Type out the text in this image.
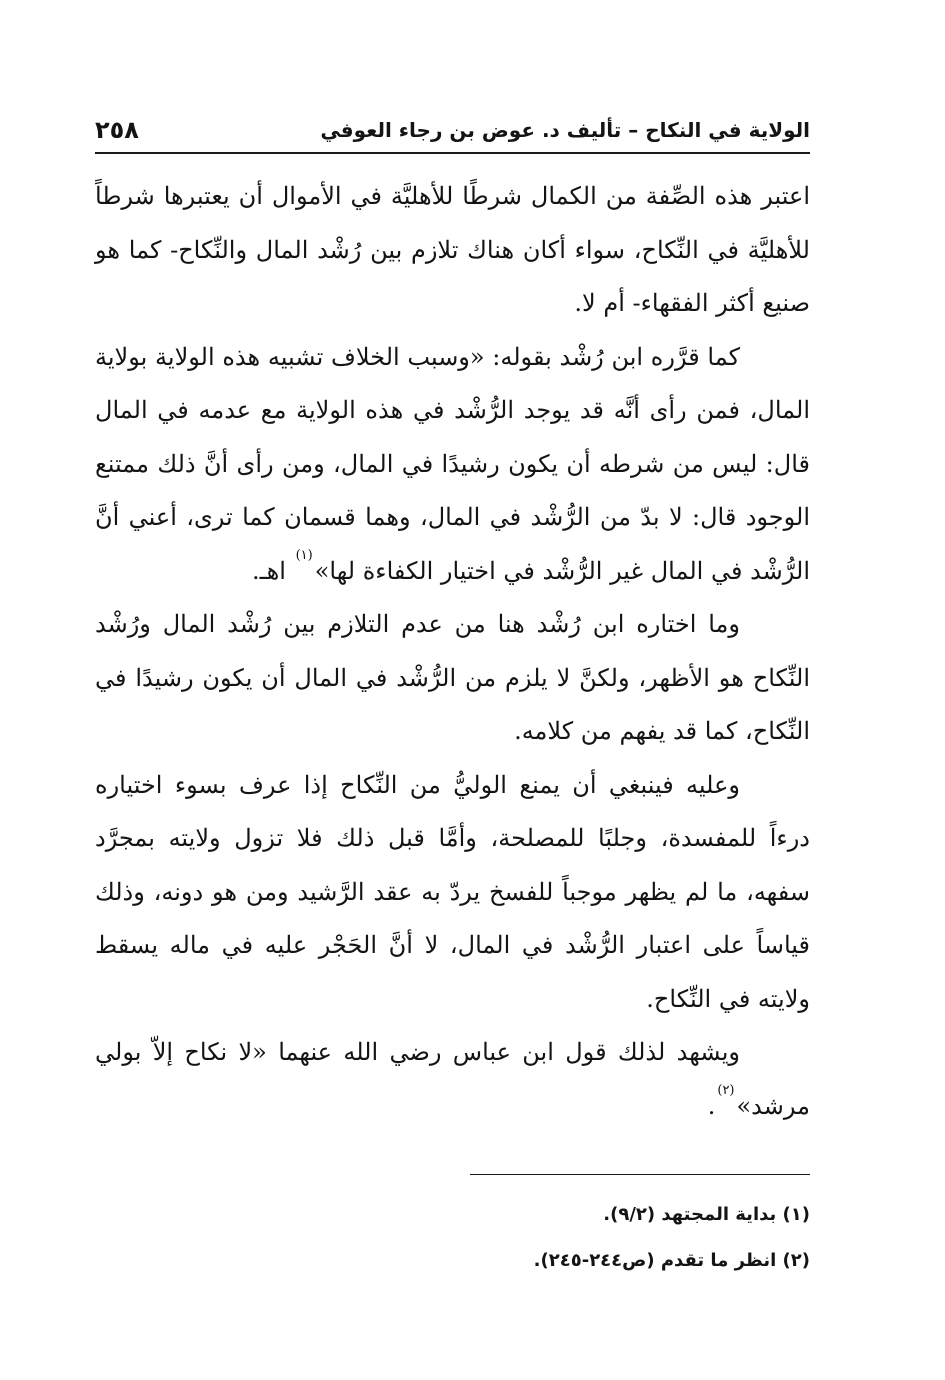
الولاية في النكاح – تأليف د. عوض بن رجاء العوفي
٢٥٨

اعتبر هذه الصِّفة من الكمال شرطًا للأهليَّة في الأموال أن يعتبرها شرطاً للأهليَّة في النِّكاح، سواء أكان هناك تلازم بين رُشْد المال والنِّكاح- كما هو صنيع أكثر الفقهاء- أم لا.

كما قرَّره ابن رُشْد بقوله: «وسبب الخلاف تشبيه هذه الولاية بولاية المال، فمن رأى أنَّه قد يوجد الرُّشْد في هذه الولاية مع عدمه في المال قال: ليس من شرطه أن يكون رشيدًا في المال، ومن رأى أنَّ ذلك ممتنع الوجود قال: لا بدّ من الرُّشْد في المال، وهما قسمان كما ترى، أعني أنَّ الرُّشْد في المال غير الرُّشْد في اختيار الكفاءة لها»$^{(١)}$ اهـ.

وما اختاره ابن رُشْد هنا من عدم التلازم بين رُشْد المال ورُشْد النِّكاح هو الأظهر، ولكنَّ لا يلزم من الرُّشْد في المال أن يكون رشيدًا في النِّكاح، كما قد يفهم من كلامه.

وعليه فينبغي أن يمنع الوليُّ من النِّكاح إذا عرف بسوء اختياره درءاً للمفسدة، وجلبًا للمصلحة، وأمَّا قبل ذلك فلا تزول ولايته بمجرَّد سفهه، ما لم يظهر موجباً للفسخ يردّ به عقد الرَّشيد ومن هو دونه، وذلك قياساً على اعتبار الرُّشْد في المال، لا أنَّ الحَجْر عليه في ماله يسقط ولايته في النِّكاح.

ويشهد لذلك قول ابن عباس رضي الله عنهما «لا نكاح إلاّ بولي مرشد»$^{(٢)}$.

(١) بداية المجتهد (٩/٢).

(٢) انظر ما تقدم (ص٢٤٤-٢٤٥).
